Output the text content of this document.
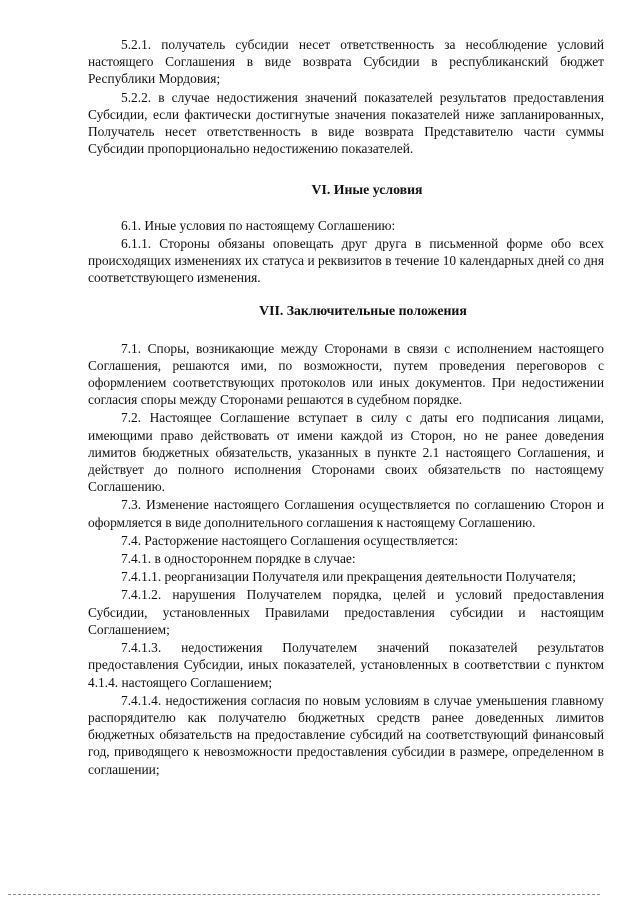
5.2.1. получатель субсидии несет ответственность за несоблюдение условий настоящего Соглашения в виде возврата Субсидии в республиканский бюджет Республики Мордовия;

5.2.2. в случае недостижения значений показателей результатов предоставления Субсидии, если фактически достигнутые значения показателей ниже запланированных, Получатель несет ответственность в виде возврата Представителю части суммы Субсидии пропорционально недостижению показателей.

VI. Иные условия

6.1. Иные условия по настоящему Соглашению:

6.1.1. Стороны обязаны оповещать друг друга в письменной форме обо всех происходящих изменениях их статуса и реквизитов в течение 10 календарных дней со дня соответствующего изменения.

VII. Заключительные положения

7.1. Споры, возникающие между Сторонами в связи с исполнением настоящего Соглашения, решаются ими, по возможности, путем проведения переговоров с оформлением соответствующих протоколов или иных документов. При недостижении согласия споры между Сторонами решаются в судебном порядке.

7.2. Настоящее Соглашение вступает в силу с даты его подписания лицами, имеющими право действовать от имени каждой из Сторон, но не ранее доведения лимитов бюджетных обязательств, указанных в пункте 2.1 настоящего Соглашения, и действует до полного исполнения Сторонами своих обязательств по настоящему Соглашению.

7.3. Изменение настоящего Соглашения осуществляется по соглашению Сторон и оформляется в виде дополнительного соглашения к настоящему Соглашению.

7.4. Расторжение настоящего Соглашения осуществляется:

7.4.1. в одностороннем порядке в случае:

7.4.1.1. реорганизации Получателя или прекращения деятельности Получателя;

7.4.1.2. нарушения Получателем порядка, целей и условий предоставления Субсидии, установленных Правилами предоставления субсидии и настоящим Соглашением;

7.4.1.3. недостижения Получателем значений показателей результатов предоставления Субсидии, иных показателей, установленных в соответствии с пунктом 4.1.4. настоящего Соглашением;

7.4.1.4. недостижения согласия по новым условиям в случае уменьшения главному распорядителю как получателю бюджетных средств ранее доведенных лимитов бюджетных обязательств на предоставление субсидий на соответствующий финансовый год, приводящего к невозможности предоставления субсидии в размере, определенном в соглашении;
